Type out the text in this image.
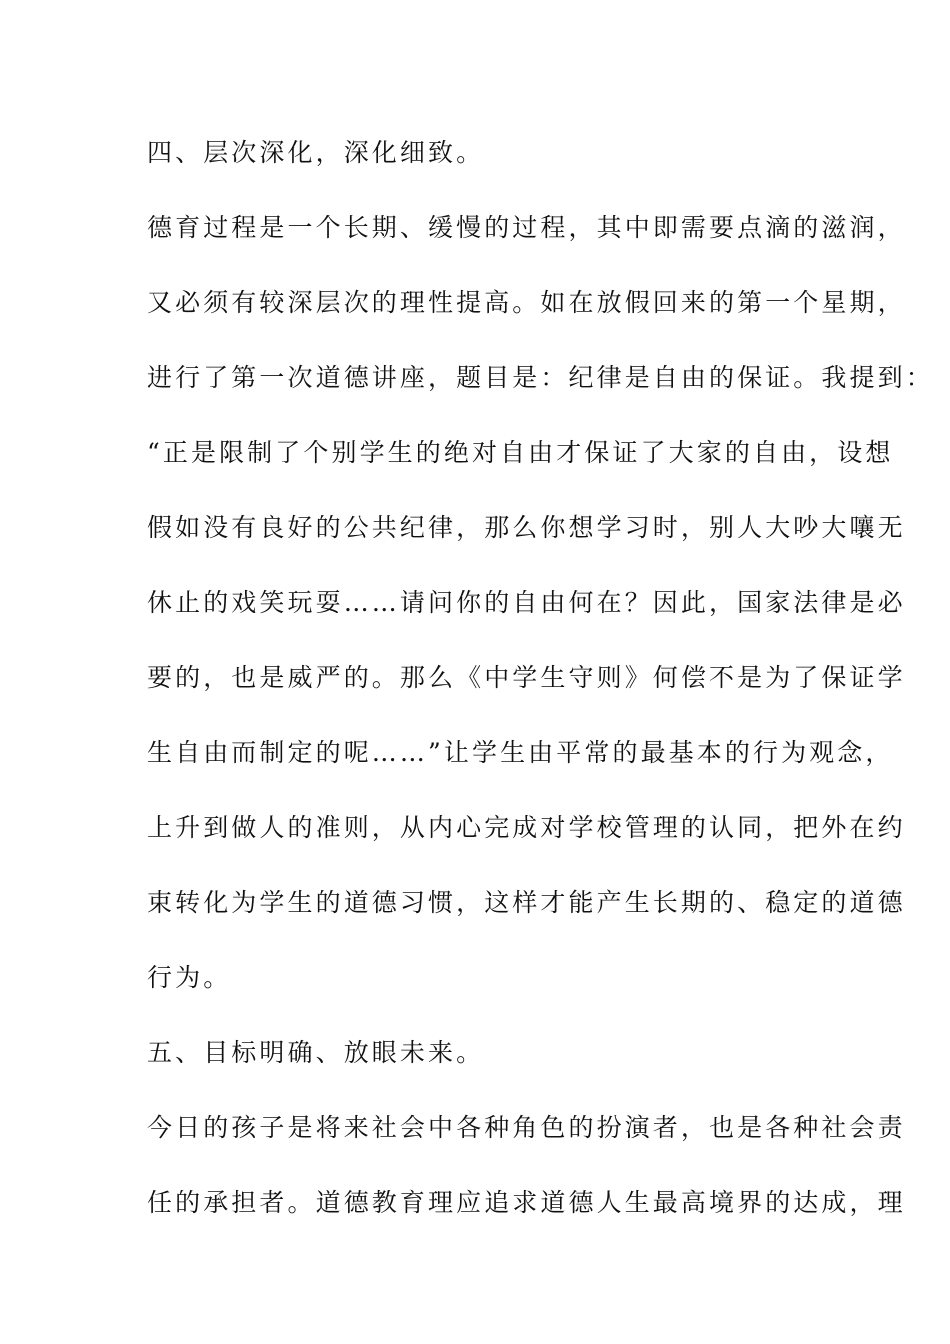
四、层次深化，深化细致。
德育过程是一个长期、缓慢的过程，其中即需要点滴的滋润，
又必须有较深层次的理性提高。如在放假回来的第一个星期，
进行了第一次道德讲座，题目是：纪律是自由的保证。我提到：
“正是限制了个别学生的绝对自由才保证了大家的自由，设想
假如没有良好的公共纪律，那么你想学习时，别人大吵大嚷无
休止的戏笑玩耍……请问你的自由何在？因此，国家法律是必
要的，也是威严的。那么《中学生守则》何偿不是为了保证学
生自由而制定的呢……”让学生由平常的最基本的行为观念，
上升到做人的准则，从内心完成对学校管理的认同，把外在约
束转化为学生的道德习惯，这样才能产生长期的、稳定的道德
行为。
五、目标明确、放眼未来。
今日的孩子是将来社会中各种角色的扮演者，也是各种社会责
任的承担者。道德教育理应追求道德人生最高境界的达成，理
